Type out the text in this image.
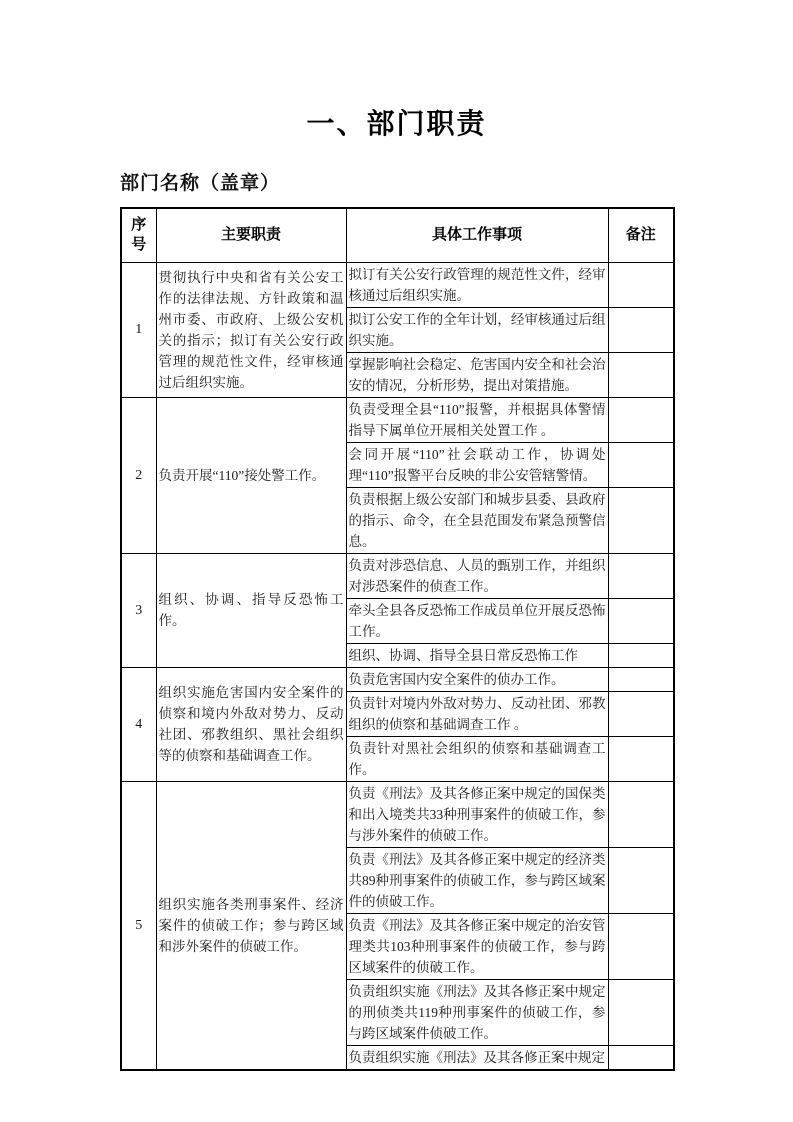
一、部门职责
部门名称（盖章）
序号	主要职责	具体工作事项	备注
1	贯彻执行中央和省有关公安工作的法律法规、方针政策和温州市委、市政府、上级公安机关的指示；拟订有关公安行政管理的规范性文件，经审核通过后组织实施。	拟订有关公安行政管理的规范性文件，经审核通过后组织实施。	
		拟订公安工作的全年计划，经审核通过后组织实施。	
		掌握影响社会稳定、危害国内安全和社会治安的情况，分析形势，提出对策措施。	
2	负责开展“110”接处警工作。	负责受理全县“110”报警，并根据具体警情指导下属单位开展相关处置工作 。	
		会同开展“110”社会联动工作，协调处理“110”报警平台反映的非公安管辖警情。	
		负责根据上级公安部门和城步县委、县政府的指示、命令，在全县范围发布紧急预警信息。	
3	组织、协调、指导反恐怖工作。	负责对涉恐信息、人员的甄别工作，并组织对涉恐案件的侦查工作。	
		牵头全县各反恐怖工作成员单位开展反恐怖工作。	
		组织、协调、指导全县日常反恐怖工作	
4	组织实施危害国内安全案件的侦察和境内外敌对势力、反动社团、邪教组织、黑社会组织等的侦察和基础调查工作。	负责危害国内安全案件的侦办工作。	
		负责针对境内外敌对势力、反动社团、邪教组织的侦察和基础调查工作 。	
		负责针对黑社会组织的侦察和基础调查工作。	
5	组织实施各类刑事案件、经济案件的侦破工作；参与跨区域和涉外案件的侦破工作。	负责《刑法》及其各修正案中规定的国保类和出入境类共33种刑事案件的侦破工作，参与涉外案件的侦破工作。	
		负责《刑法》及其各修正案中规定的经济类共89种刑事案件的侦破工作，参与跨区域案件的侦破工作。	
		负责《刑法》及其各修正案中规定的治安管理类共103种刑事案件的侦破工作，参与跨区域案件的侦破工作。	
		负责组织实施《刑法》及其各修正案中规定的刑侦类共119种刑事案件的侦破工作，参与跨区域案件侦破工作。	
		负责组织实施《刑法》及其各修正案中规定	
